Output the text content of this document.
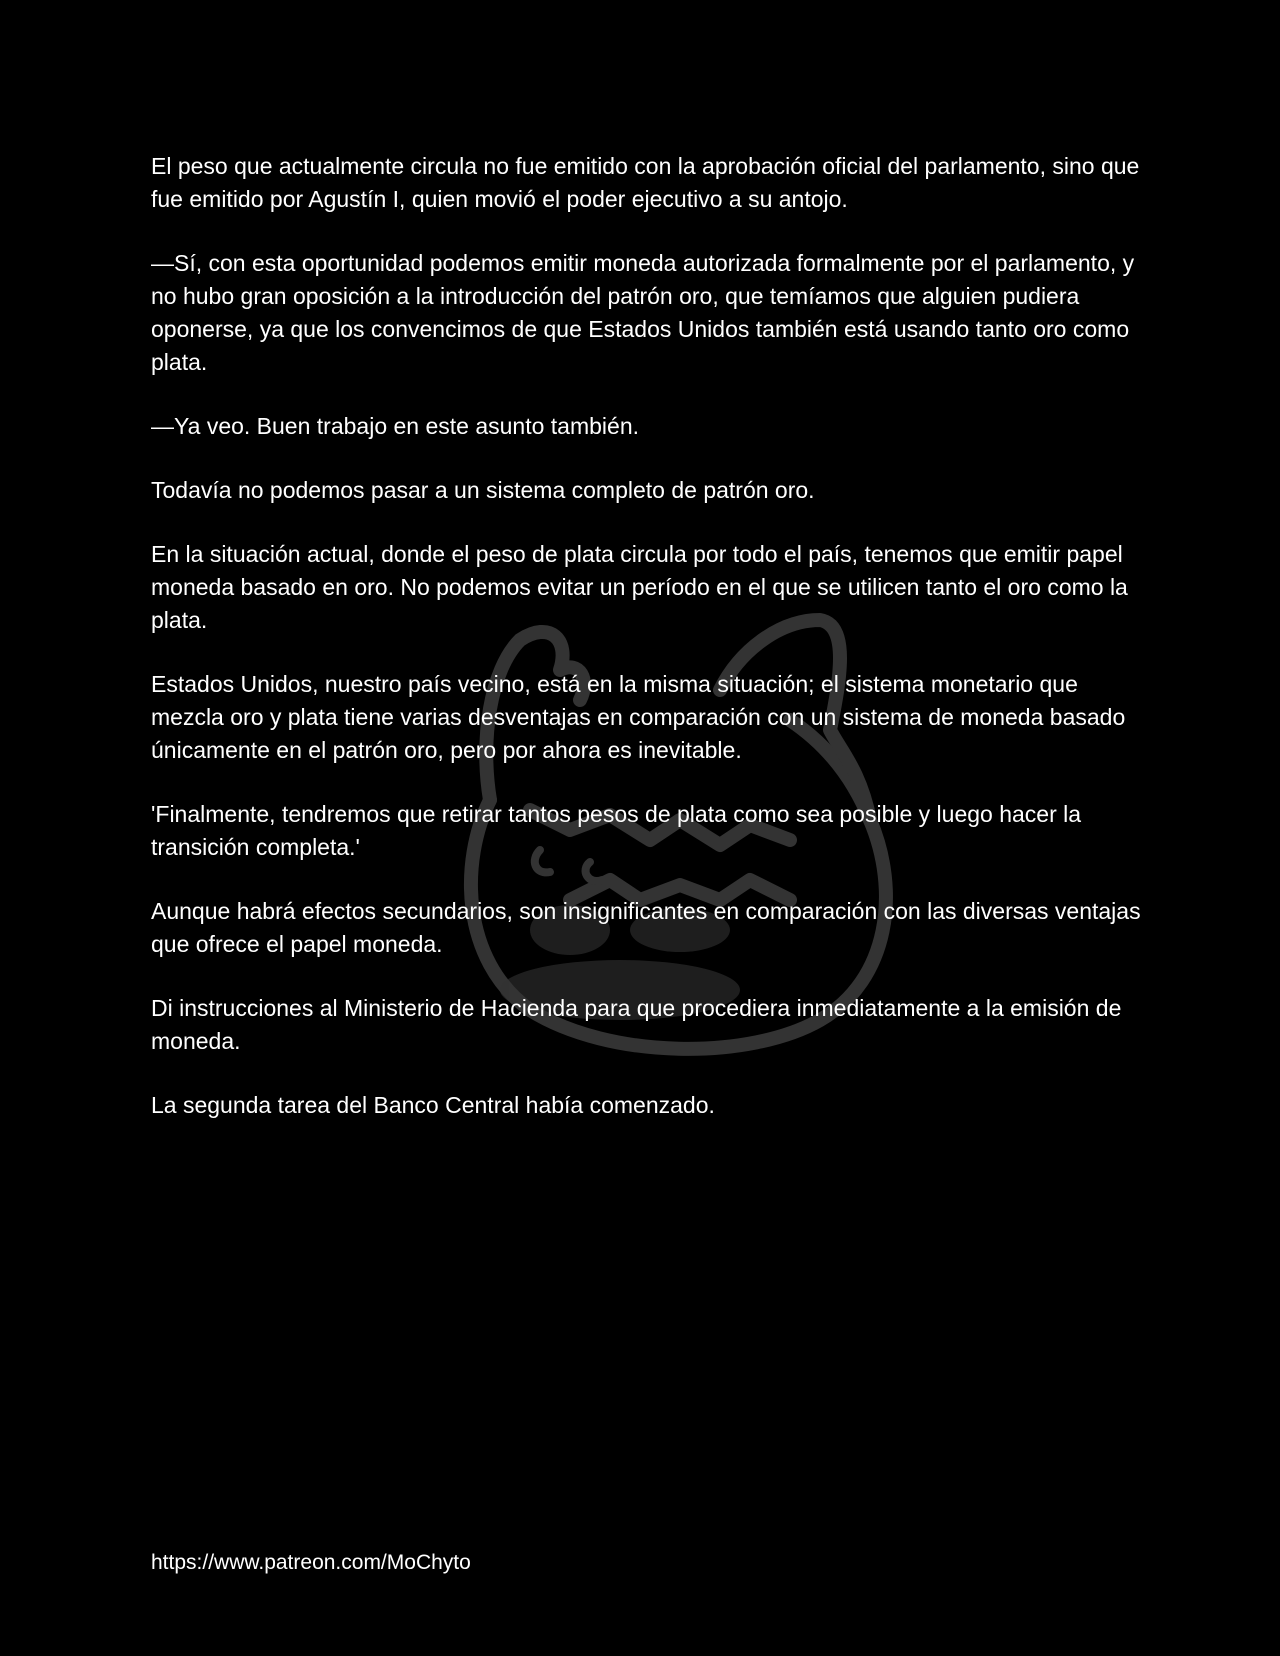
El peso que actualmente circula no fue emitido con la aprobación oficial del parlamento, sino que fue emitido por Agustín I, quien movió el poder ejecutivo a su antojo.

—Sí, con esta oportunidad podemos emitir moneda autorizada formalmente por el parlamento, y no hubo gran oposición a la introducción del patrón oro, que temíamos que alguien pudiera oponerse, ya que los convencimos de que Estados Unidos también está usando tanto oro como plata.

—Ya veo. Buen trabajo en este asunto también.

Todavía no podemos pasar a un sistema completo de patrón oro.

En la situación actual, donde el peso de plata circula por todo el país, tenemos que emitir papel moneda basado en oro. No podemos evitar un período en el que se utilicen tanto el oro como la plata.

Estados Unidos, nuestro país vecino, está en la misma situación; el sistema monetario que mezcla oro y plata tiene varias desventajas en comparación con un sistema de moneda basado únicamente en el patrón oro, pero por ahora es inevitable.

'Finalmente, tendremos que retirar tantos pesos de plata como sea posible y luego hacer la transición completa.'

Aunque habrá efectos secundarios, son insignificantes en comparación con las diversas ventajas que ofrece el papel moneda.

Di instrucciones al Ministerio de Hacienda para que procediera inmediatamente a la emisión de moneda.

La segunda tarea del Banco Central había comenzado.

https://www.patreon.com/MoChyto
